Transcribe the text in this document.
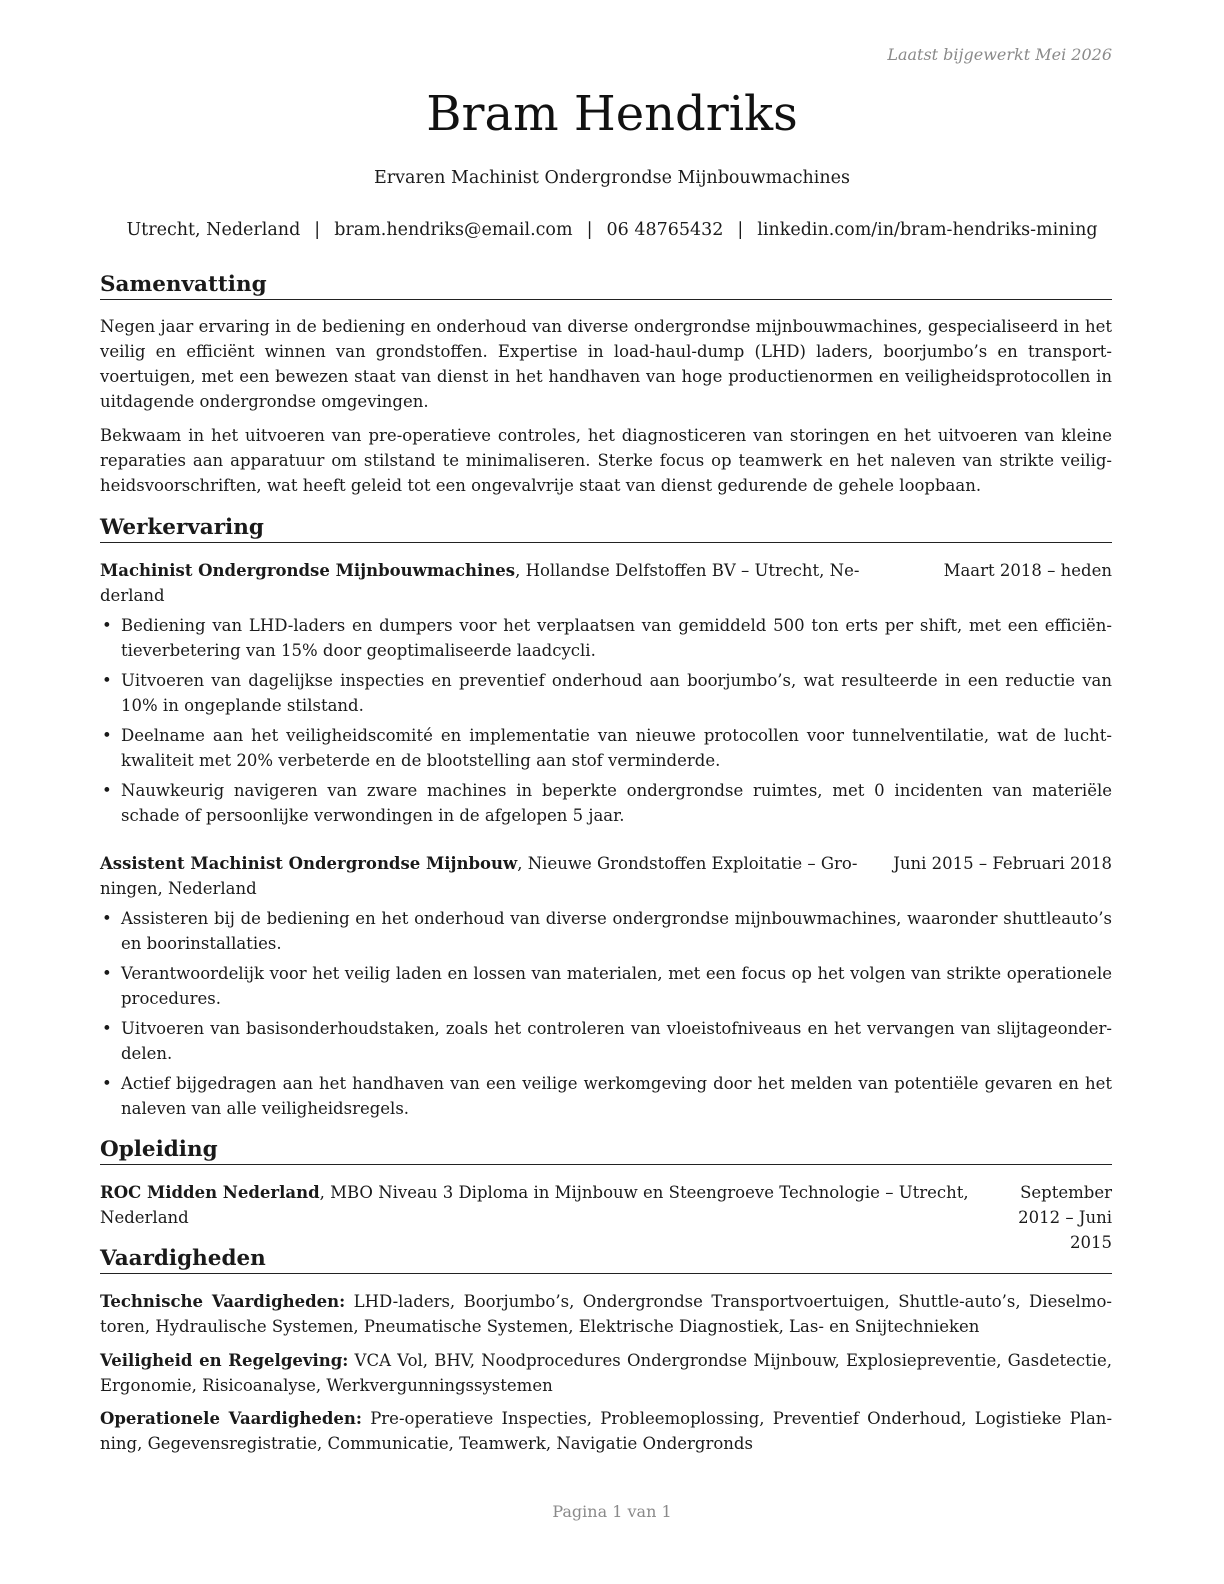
Laatst bijgewerkt Mei 2026
Bram Hendriks
Ervaren Machinist Ondergrondse Mijnbouwmachines
Utrecht, Nederland | bram.hendriks@email.com | 06 48765432 | linkedin.com/in/bram-hendriks-mining
Samenvatting
Negen jaar ervaring in de bediening en onderhoud van diverse ondergrondse mijnbouwmachines, gespecialiseerd in het veilig en efficiënt winnen van grondstoffen. Expertise in load-haul-dump (LHD) laders, boorjumbo’s en transportvoertuigen, met een bewezen staat van dienst in het handhaven van hoge productienormen en veiligheidsprotocollen in uitdagende ondergrondse omgevingen.
Bekwaam in het uitvoeren van pre-operatieve controles, het diagnosticeren van storingen en het uitvoeren van kleine reparaties aan apparatuur om stilstand te minimaliseren. Sterke focus op teamwerk en het naleven van strikte veiligheidsvoorschriften, wat heeft geleid tot een ongevalvrije staat van dienst gedurende de gehele loopbaan.
Werkervaring
Machinist Ondergrondse Mijnbouwmachines, Hollandse Delfstoffen BV – Utrecht, Nederland
Maart 2018 – heden
• Bediening van LHD-laders en dumpers voor het verplaatsen van gemiddeld 500 ton erts per shift, met een efficiëntieverbetering van 15% door geoptimaliseerde laadcycli.
• Uitvoeren van dagelijkse inspecties en preventief onderhoud aan boorjumbo’s, wat resulteerde in een reductie van 10% in ongeplande stilstand.
• Deelname aan het veiligheidscomité en implementatie van nieuwe protocollen voor tunnelventilatie, wat de luchtkwaliteit met 20% verbeterde en de blootstelling aan stof verminderde.
• Nauwkeurig navigeren van zware machines in beperkte ondergrondse ruimtes, met 0 incidenten van materiële schade of persoonlijke verwondingen in de afgelopen 5 jaar.
Assistent Machinist Ondergrondse Mijnbouw, Nieuwe Grondstoffen Exploitatie – Groningen, Nederland
Juni 2015 – Februari 2018
• Assisteren bij de bediening en het onderhoud van diverse ondergrondse mijnbouwmachines, waaronder shuttleauto’s en boorinstallaties.
• Verantwoordelijk voor het veilig laden en lossen van materialen, met een focus op het volgen van strikte operationele procedures.
• Uitvoeren van basisonderhoudstaken, zoals het controleren van vloeistofniveaus en het vervangen van slijtageonderdelen.
• Actief bijgedragen aan het handhaven van een veilige werkomgeving door het melden van potentiële gevaren en het naleven van alle veiligheidsregels.
Opleiding
ROC Midden Nederland, MBO Niveau 3 Diploma in Mijnbouw en Steengroeve Technologie – Utrecht, Nederland
September 2012 – Juni 2015
Vaardigheden
Technische Vaardigheden: LHD-laders, Boorjumbo’s, Ondergrondse Transportvoertuigen, Shuttle-auto’s, Dieselmotoren, Hydraulische Systemen, Pneumatische Systemen, Elektrische Diagnostiek, Las- en Snijtechnieken
Veiligheid en Regelgeving: VCA Vol, BHV, Noodprocedures Ondergrondse Mijnbouw, Explosiepreventie, Gasdetectie, Ergonomie, Risicoanalyse, Werkvergunningssystemen
Operationele Vaardigheden: Pre-operatieve Inspecties, Probleemoplossing, Preventief Onderhoud, Logistieke Planning, Gegevensregistratie, Communicatie, Teamwerk, Navigatie Ondergronds
Pagina 1 van 1
